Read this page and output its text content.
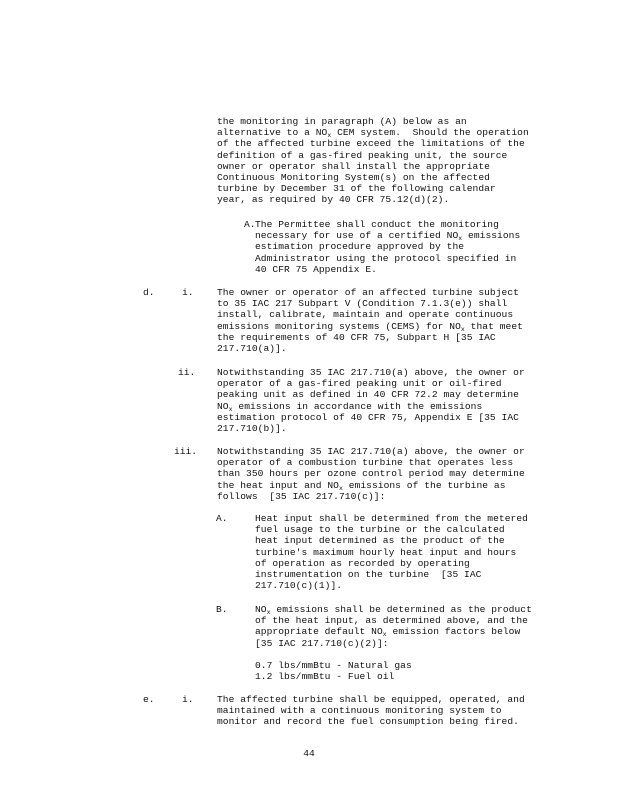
the monitoring in paragraph (A) below as an
alternative to a $NO_x$ CEM system.  Should the operation
of the affected turbine exceed the limitations of the
definition of a gas-fired peaking unit, the source
owner or operator shall install the appropriate
Continuous Monitoring System(s) on the affected
turbine by December 31 of the following calendar
year, as required by 40 CFR 75.12(d)(2).
A. The Permittee shall conduct the monitoring
necessary for use of a certified $NO_x$ emissions
estimation procedure approved by the
Administrator using the protocol specified in
40 CFR 75 Appendix E.
d.	i. The owner or operator of an affected turbine subject
to 35 IAC 217 Subpart V (Condition 7.1.3(e)) shall
install, calibrate, maintain and operate continuous
emissions monitoring systems (CEMS) for $NO_x$ that meet
the requirements of 40 CFR 75, Subpart H [35 IAC
217.710(a)].
ii. Notwithstanding 35 IAC 217.710(a) above, the owner or
operator of a gas-fired peaking unit or oil-fired
peaking unit as defined in 40 CFR 72.2 may determine
$NO_x$ emissions in accordance with the emissions
estimation protocol of 40 CFR 75, Appendix E [35 IAC
217.710(b)].
iii. Notwithstanding 35 IAC 217.710(a) above, the owner or
operator of a combustion turbine that operates less
than 350 hours per ozone control period may determine
the heat input and $NO_x$ emissions of the turbine as
follows  [35 IAC 217.710(c)]:
A.	Heat input shall be determined from the metered
fuel usage to the turbine or the calculated
heat input determined as the product of the
turbine's maximum hourly heat input and hours
of operation as recorded by operating
instrumentation on the turbine  [35 IAC
217.710(c)(1)].
B.	$NO_x$ emissions shall be determined as the product
of the heat input, as determined above, and the
appropriate default $NO_x$ emission factors below
[35 IAC 217.710(c)(2)]:
0.7 lbs/mmBtu - Natural gas
1.2 lbs/mmBtu - Fuel oil
e.	i. The affected turbine shall be equipped, operated, and
maintained with a continuous monitoring system to
monitor and record the fuel consumption being fired.
44
